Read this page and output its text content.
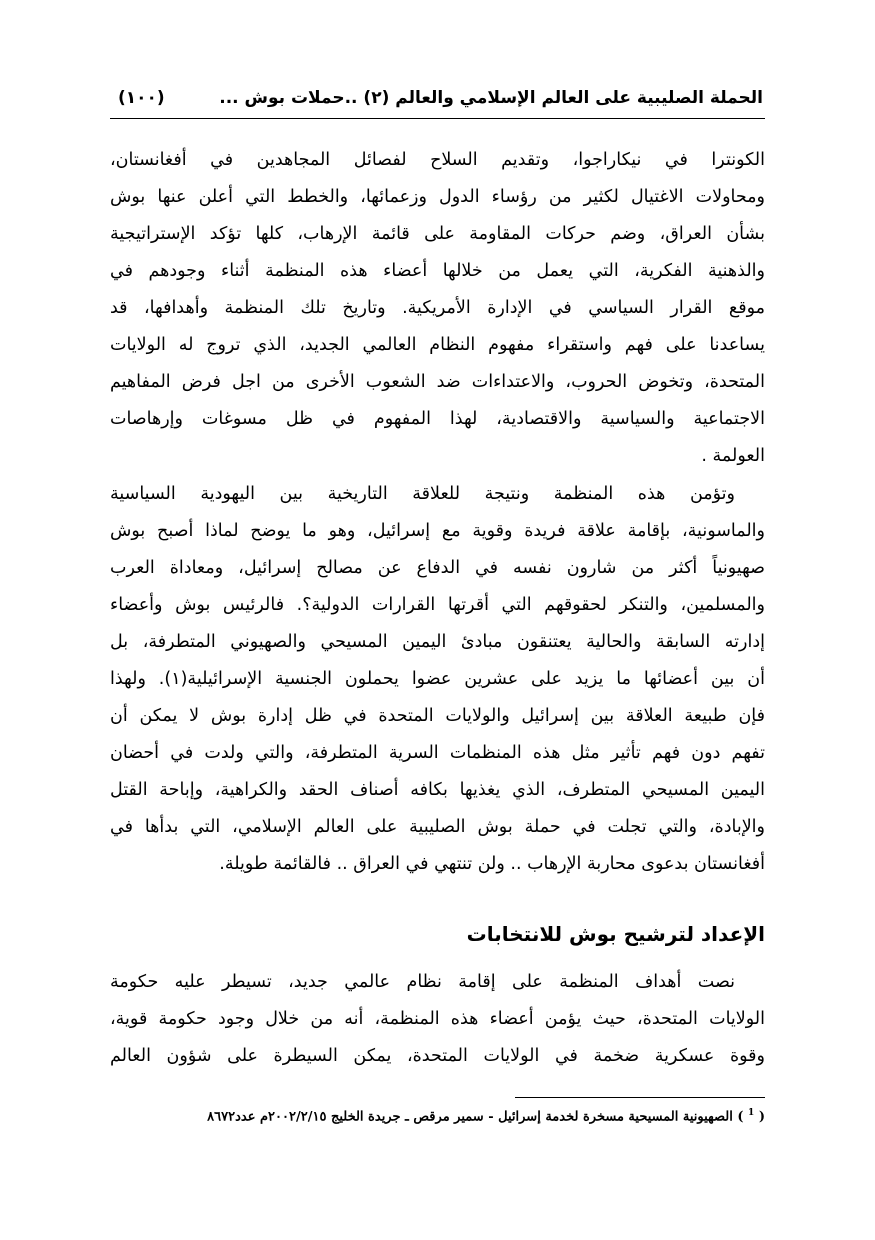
الحملة الصليبية على العالم الإسلامي والعالم (٢) ..حملات بوش ...
(١٠٠)
الكونترا في نيكاراجوا، وتقديم السلاح لفصائل المجاهدين في أفغانستان،
ومحاولات الاغتيال لكثير من رؤساء الدول وزعمائها، والخطط التي أعلن عنها بوش
بشأن العراق، وضم حركات المقاومة على قائمة الإرهاب، كلها تؤكد الإستراتيجية
والذهنية الفكرية، التي يعمل من خلالها أعضاء هذه المنظمة أثناء وجودهم في
موقع القرار السياسي في الإدارة الأمريكية. وتاريخ تلك المنظمة وأهدافها، قد
يساعدنا على فهم واستقراء مفهوم النظام العالمي الجديد، الذي تروج له الولايات
المتحدة، وتخوض الحروب، والاعتداءات ضد الشعوب الأخرى من اجل فرض المفاهيم
الاجتماعية والسياسية والاقتصادية، لهذا المفهوم في ظل مسوغات وإرهاصات
العولمة .
وتؤمن هذه المنظمة ونتيجة للعلاقة التاريخية بين اليهودية السياسية
والماسونية، بإقامة علاقة فريدة وقوية مع إسرائيل، وهو ما يوضح لماذا أصبح بوش
صهيونياً أكثر من شارون نفسه في الدفاع عن مصالح إسرائيل، ومعاداة العرب
والمسلمين، والتنكر لحقوقهم التي أقرتها القرارات الدولية؟. فالرئيس بوش وأعضاء
إدارته السابقة والحالية يعتنقون مبادئ اليمين المسيحي والصهيوني المتطرفة، بل
أن بين أعضائها ما يزيد على عشرين عضوا يحملون الجنسية الإسرائيلية(١). ولهذا
فإن طبيعة العلاقة بين إسرائيل والولايات المتحدة في ظل إدارة بوش لا يمكن أن
تفهم دون فهم تأثير مثل هذه المنظمات السرية المتطرفة، والتي ولدت في أحضان
اليمين المسيحي المتطرف، الذي يغذيها بكافه أصناف الحقد والكراهية، وإباحة القتل
والإبادة، والتي تجلت في حملة بوش الصليبية على العالم الإسلامي، التي بدأها في
أفغانستان بدعوى محاربة الإرهاب .. ولن تنتهي في العراق .. فالقائمة طويلة.
نصت أهداف المنظمة على إقامة نظام عالمي جديد، تسيطر عليه حكومة
الولايات المتحدة، حيث يؤمن أعضاء هذه المنظمة، أنه من خلال وجود حكومة قوية،
وقوة عسكرية ضخمة في الولايات المتحدة، يمكن السيطرة على شؤون العالم
الإعداد لترشيح بوش للانتخابات
( $^1$ ) الصهيونية المسيحية مسخرة لخدمة إسرائيل - سمير مرقص ـ جريدة الخليج ٢٠٠٢/٢/١٥م عدد٨٦٧٢
